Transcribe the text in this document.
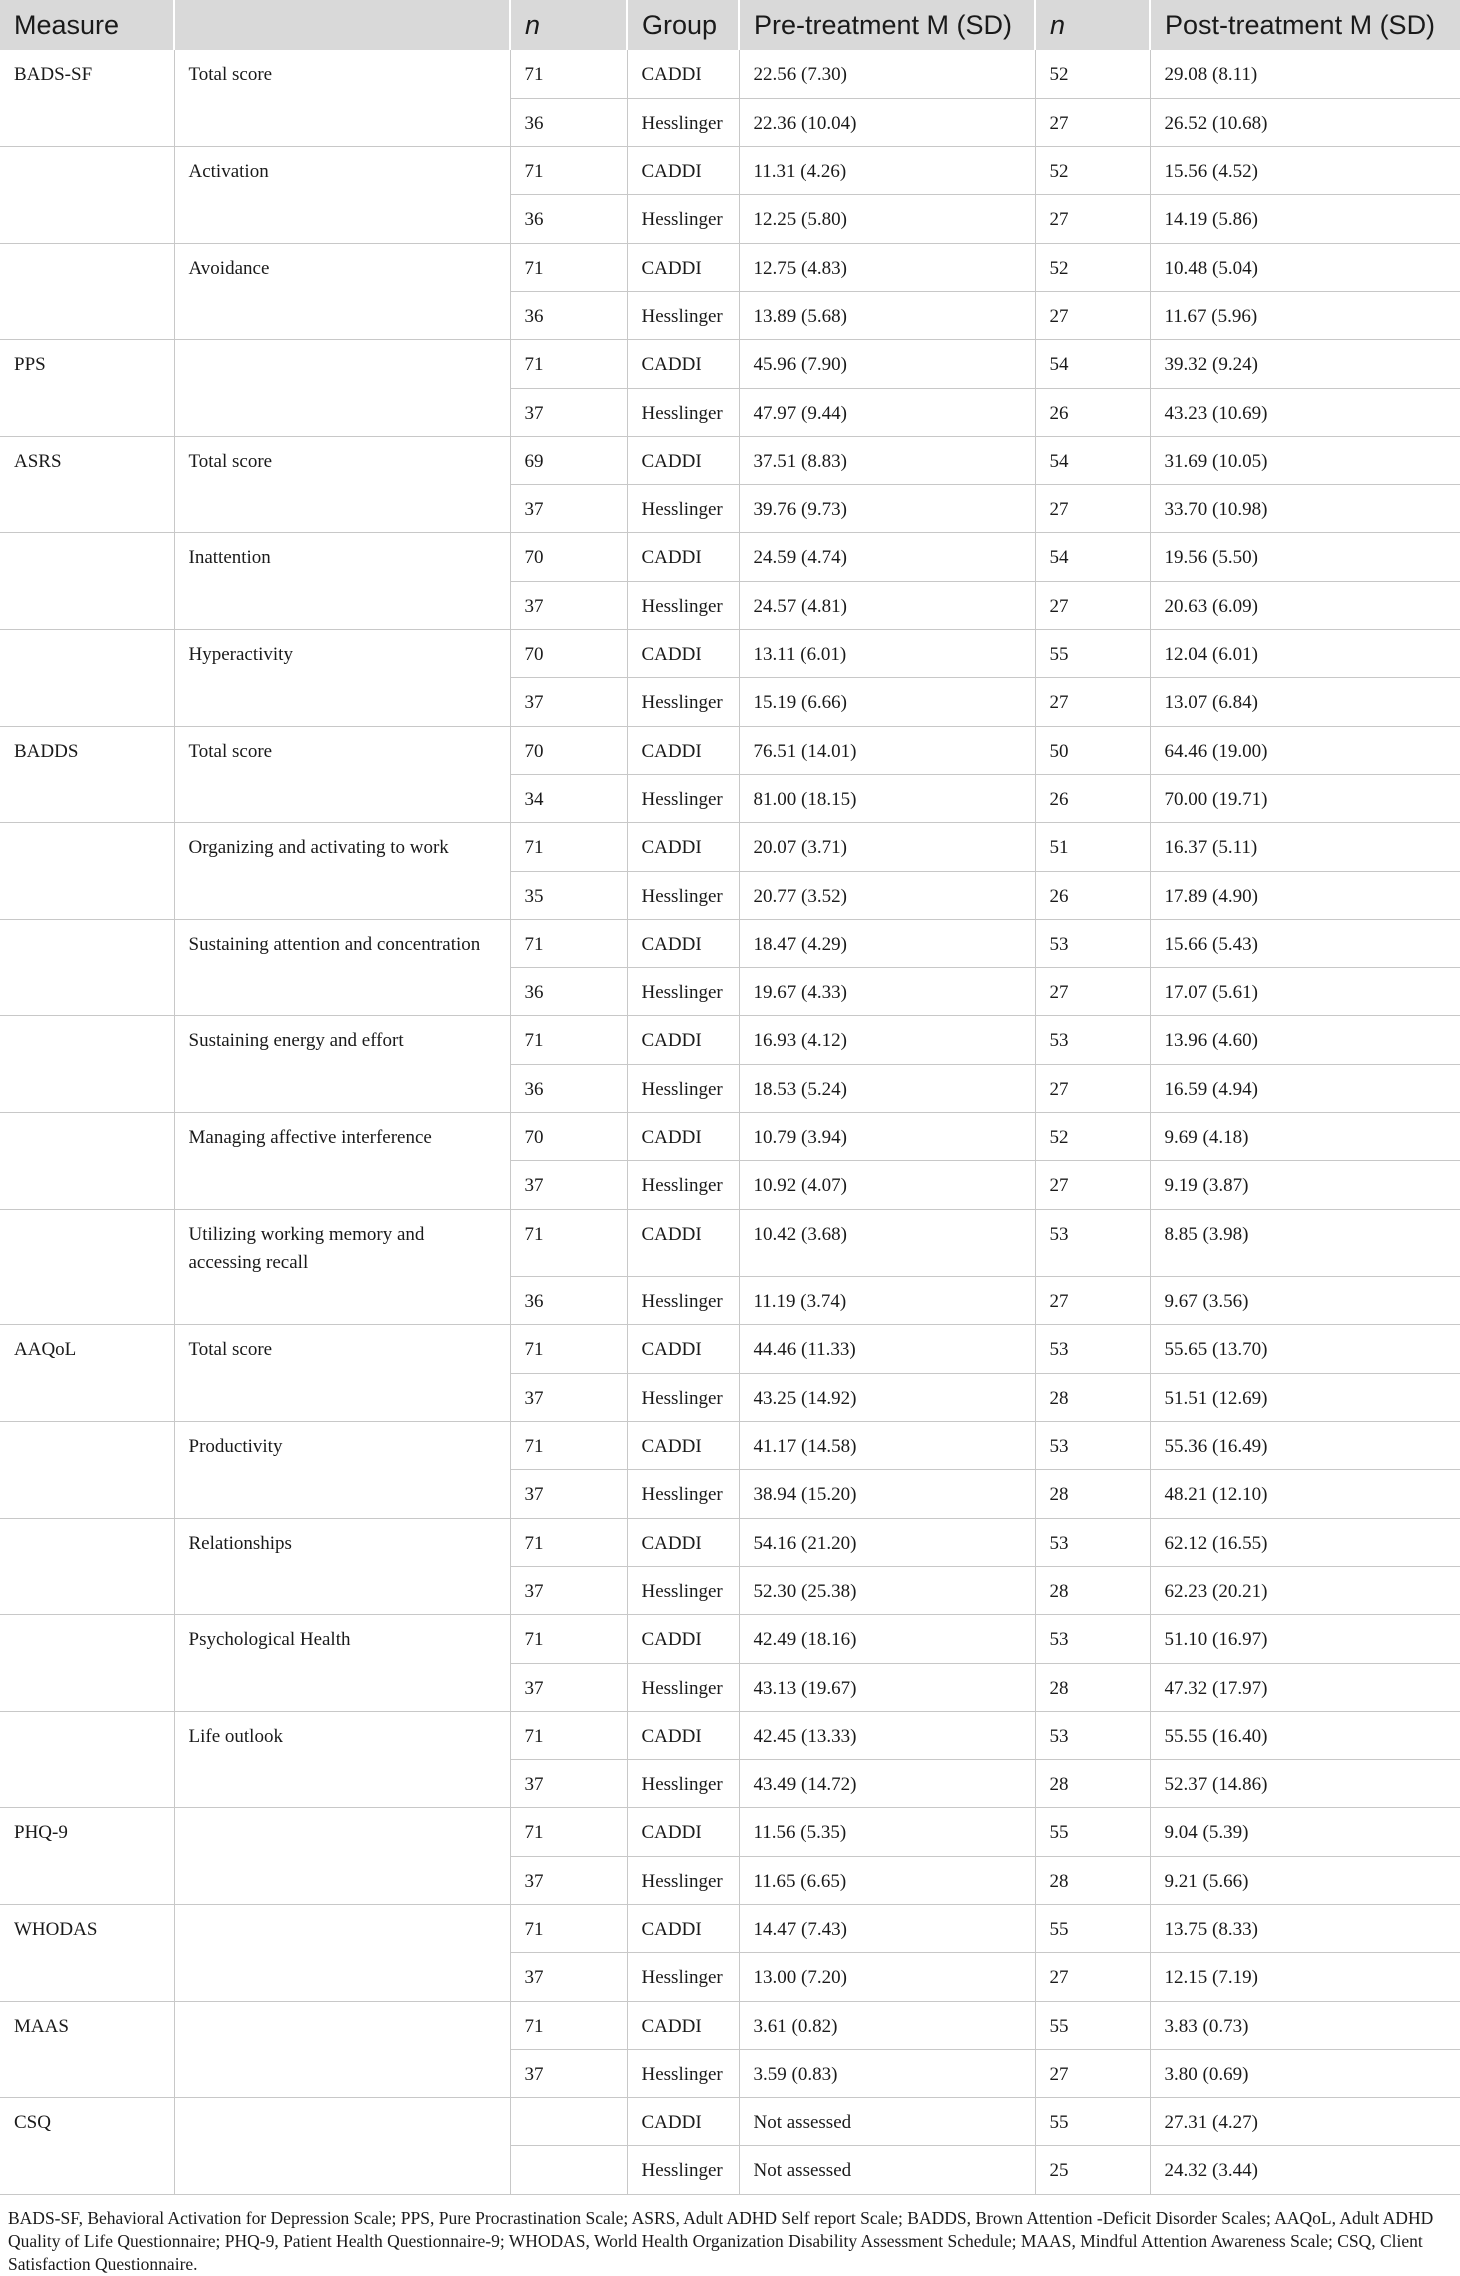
Measure		n	Group	Pre-treatment M (SD)	n	Post-treatment M (SD)
BADS-SF	Total score	71	CADDI	22.56 (7.30)	52	29.08 (8.11)
		36	Hesslinger	22.36 (10.04)	27	26.52 (10.68)
	Activation	71	CADDI	11.31 (4.26)	52	15.56 (4.52)
		36	Hesslinger	12.25 (5.80)	27	14.19 (5.86)
	Avoidance	71	CADDI	12.75 (4.83)	52	10.48 (5.04)
		36	Hesslinger	13.89 (5.68)	27	11.67 (5.96)
PPS		71	CADDI	45.96 (7.90)	54	39.32 (9.24)
		37	Hesslinger	47.97 (9.44)	26	43.23 (10.69)
ASRS	Total score	69	CADDI	37.51 (8.83)	54	31.69 (10.05)
		37	Hesslinger	39.76 (9.73)	27	33.70 (10.98)
	Inattention	70	CADDI	24.59 (4.74)	54	19.56 (5.50)
		37	Hesslinger	24.57 (4.81)	27	20.63 (6.09)
	Hyperactivity	70	CADDI	13.11 (6.01)	55	12.04 (6.01)
		37	Hesslinger	15.19 (6.66)	27	13.07 (6.84)
BADDS	Total score	70	CADDI	76.51 (14.01)	50	64.46 (19.00)
		34	Hesslinger	81.00 (18.15)	26	70.00 (19.71)
	Organizing and activating to work	71	CADDI	20.07 (3.71)	51	16.37 (5.11)
		35	Hesslinger	20.77 (3.52)	26	17.89 (4.90)
	Sustaining attention and concentration	71	CADDI	18.47 (4.29)	53	15.66 (5.43)
		36	Hesslinger	19.67 (4.33)	27	17.07 (5.61)
	Sustaining energy and effort	71	CADDI	16.93 (4.12)	53	13.96 (4.60)
		36	Hesslinger	18.53 (5.24)	27	16.59 (4.94)
	Managing affective interference	70	CADDI	10.79 (3.94)	52	9.69 (4.18)
		37	Hesslinger	10.92 (4.07)	27	9.19 (3.87)
	Utilizing working memory and accessing recall	71	CADDI	10.42 (3.68)	53	8.85 (3.98)
		36	Hesslinger	11.19 (3.74)	27	9.67 (3.56)
AAQoL	Total score	71	CADDI	44.46 (11.33)	53	55.65 (13.70)
		37	Hesslinger	43.25 (14.92)	28	51.51 (12.69)
	Productivity	71	CADDI	41.17 (14.58)	53	55.36 (16.49)
		37	Hesslinger	38.94 (15.20)	28	48.21 (12.10)
	Relationships	71	CADDI	54.16 (21.20)	53	62.12 (16.55)
		37	Hesslinger	52.30 (25.38)	28	62.23 (20.21)
	Psychological Health	71	CADDI	42.49 (18.16)	53	51.10 (16.97)
		37	Hesslinger	43.13 (19.67)	28	47.32 (17.97)
	Life outlook	71	CADDI	42.45 (13.33)	53	55.55 (16.40)
		37	Hesslinger	43.49 (14.72)	28	52.37 (14.86)
PHQ-9		71	CADDI	11.56 (5.35)	55	9.04 (5.39)
		37	Hesslinger	11.65 (6.65)	28	9.21 (5.66)
WHODAS		71	CADDI	14.47 (7.43)	55	13.75 (8.33)
		37	Hesslinger	13.00 (7.20)	27	12.15 (7.19)
MAAS		71	CADDI	3.61 (0.82)	55	3.83 (0.73)
		37	Hesslinger	3.59 (0.83)	27	3.80 (0.69)
CSQ			CADDI	Not assessed	55	27.31 (4.27)
			Hesslinger	Not assessed	25	24.32 (3.44)
BADS-SF, Behavioral Activation for Depression Scale; PPS, Pure Procrastination Scale; ASRS, Adult ADHD Self report Scale; BADDS, Brown Attention -Deficit Disorder Scales; AAQoL, Adult ADHD Quality of Life Questionnaire; PHQ-9, Patient Health Questionnaire-9; WHODAS, World Health Organization Disability Assessment Schedule; MAAS, Mindful Attention Awareness Scale; CSQ, Client Satisfaction Questionnaire.
